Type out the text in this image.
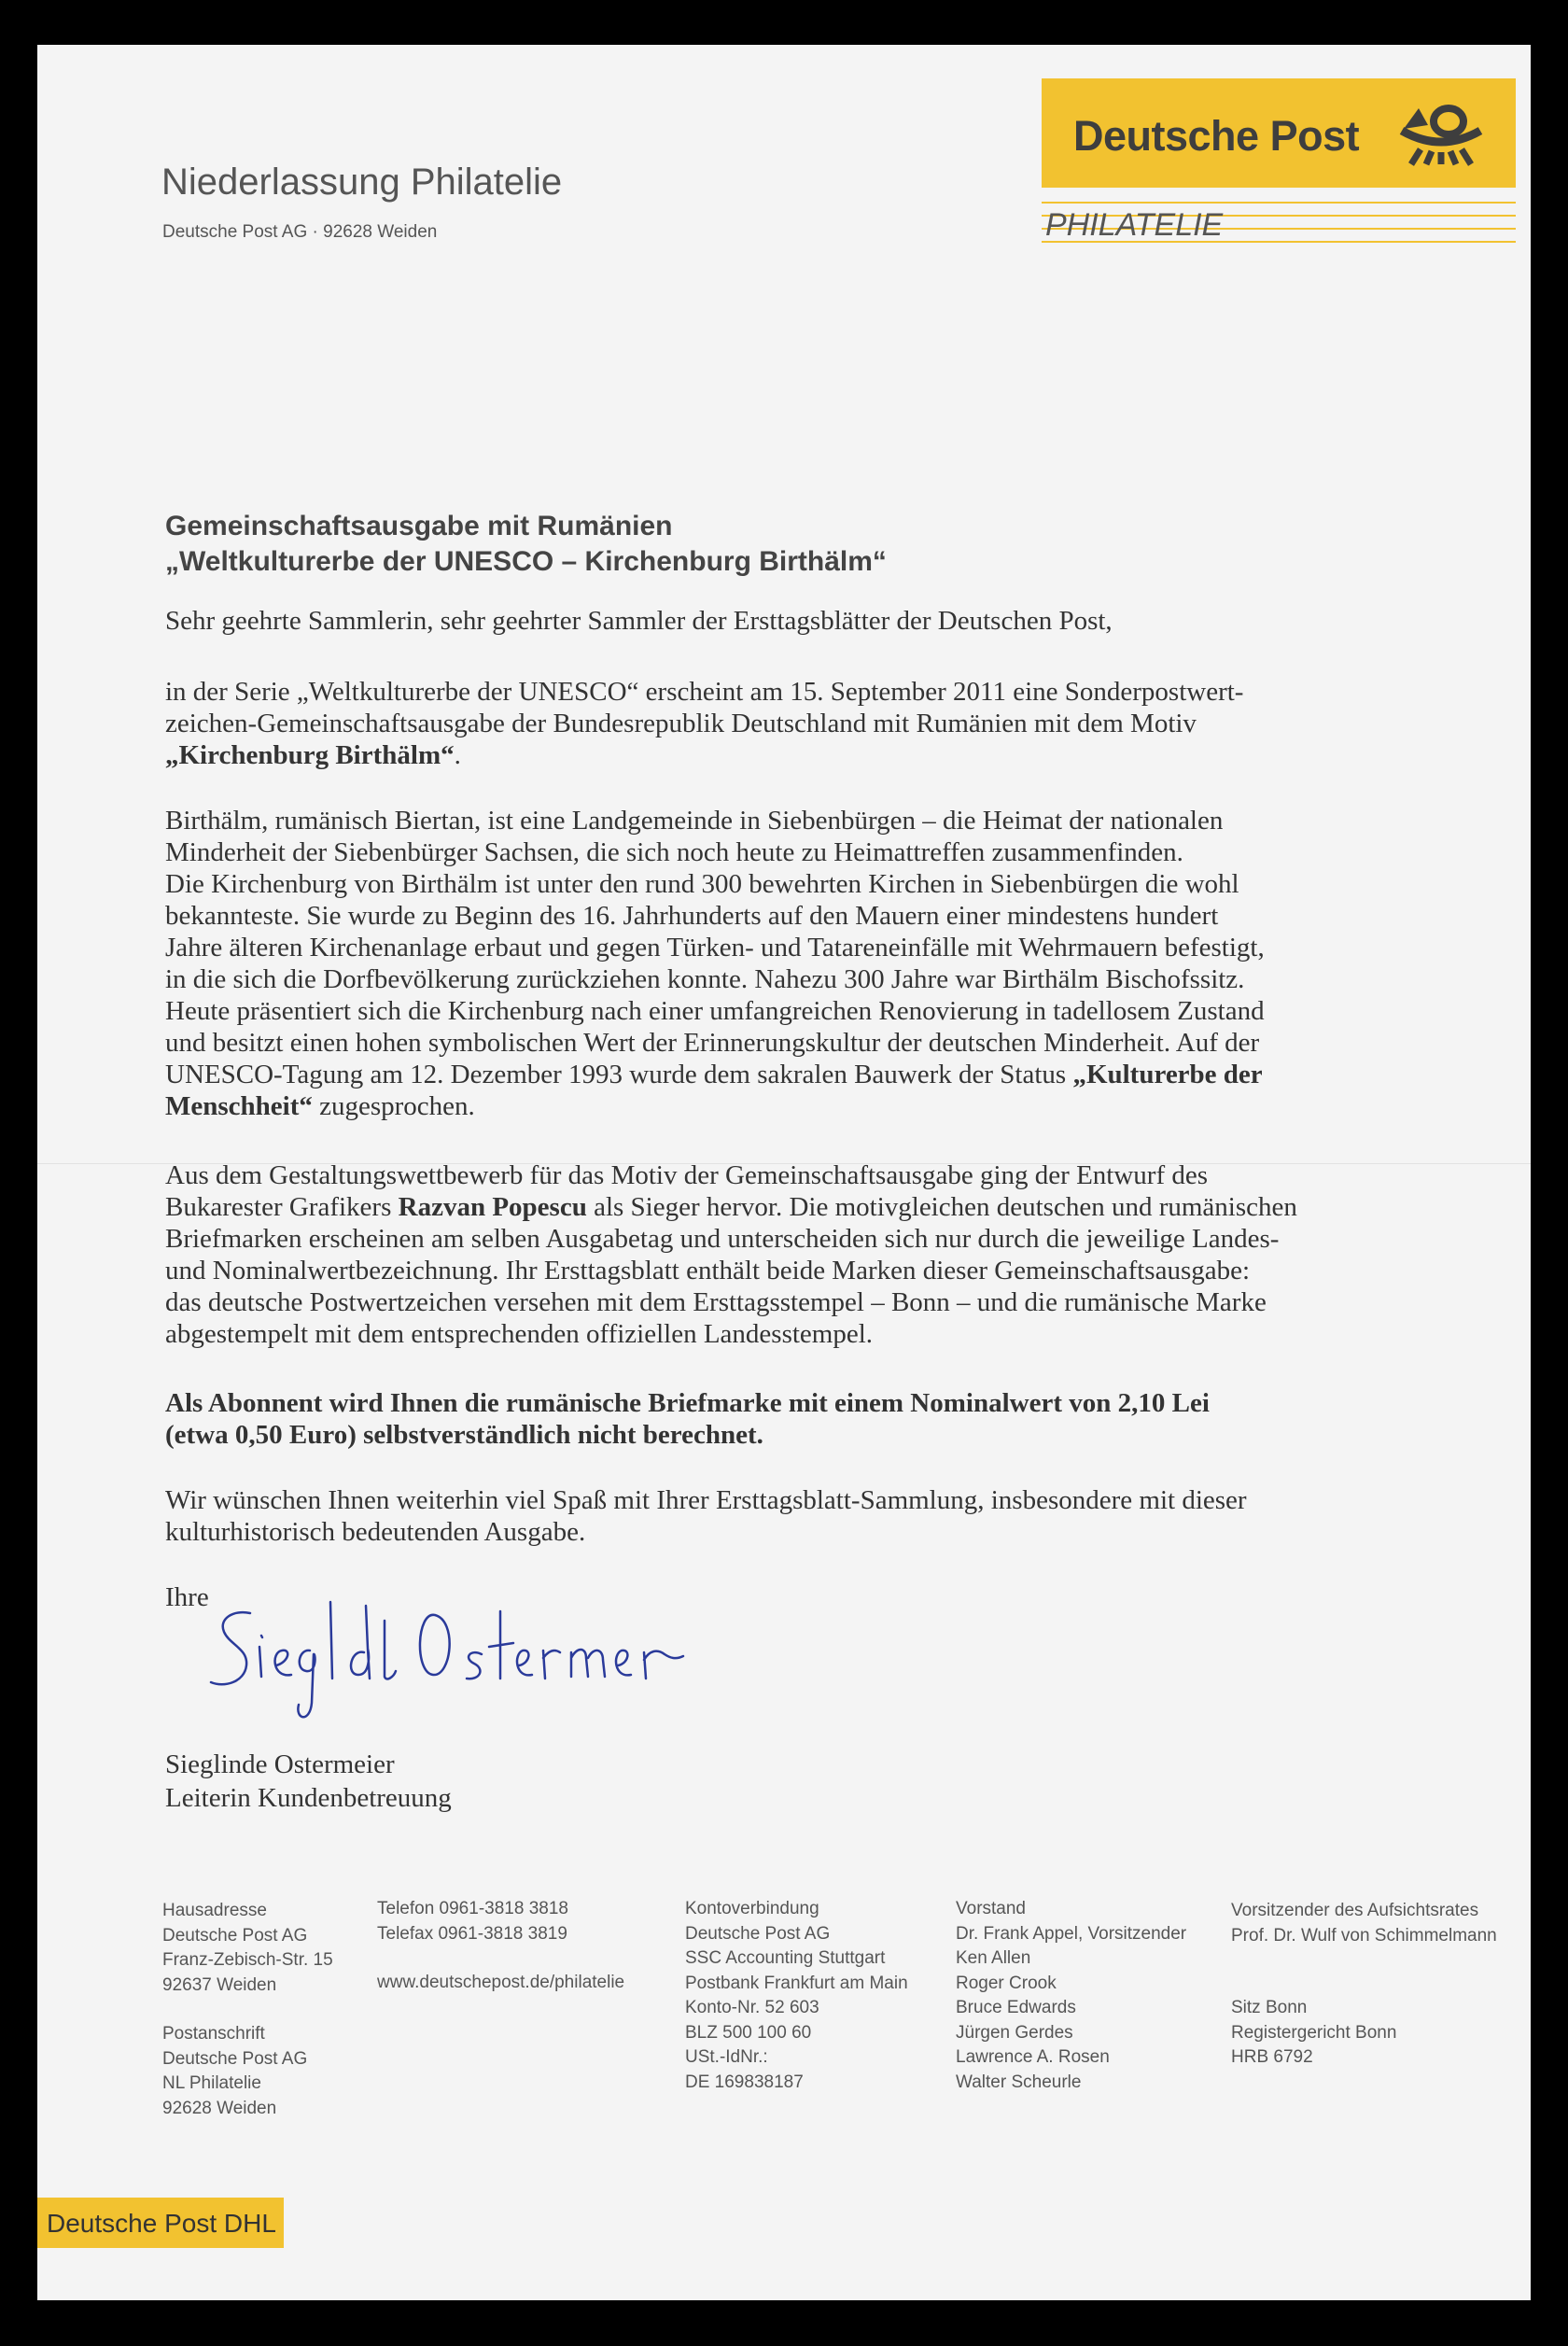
Niederlassung Philatelie
Deutsche Post AG · 92628 Weiden
Deutsche Post
PHILATELIE
Gemeinschaftsausgabe mit Rumänien
„Weltkulturerbe der UNESCO – Kirchenburg Birthälm“
Sehr geehrte Sammlerin, sehr geehrter Sammler der Ersttagsblätter der Deutschen Post,
in der Serie „Weltkulturerbe der UNESCO“ erscheint am 15. September 2011 eine Sonderpostwert-
zeichen-Gemeinschaftsausgabe der Bundesrepublik Deutschland mit Rumänien mit dem Motiv
„Kirchenburg Birthälm“.
Birthälm, rumänisch Biertan, ist eine Landgemeinde in Siebenbürgen – die Heimat der nationalen
Minderheit der Siebenbürger Sachsen, die sich noch heute zu Heimattreffen zusammenfinden.
Die Kirchenburg von Birthälm ist unter den rund 300 bewehrten Kirchen in Siebenbürgen die wohl
bekannteste. Sie wurde zu Beginn des 16. Jahrhunderts auf den Mauern einer mindestens hundert
Jahre älteren Kirchenanlage erbaut und gegen Türken- und Tatareneinfälle mit Wehrmauern befestigt,
in die sich die Dorfbevölkerung zurückziehen konnte. Nahezu 300 Jahre war Birthälm Bischofssitz.
Heute präsentiert sich die Kirchenburg nach einer umfangreichen Renovierung in tadellosem Zustand
und besitzt einen hohen symbolischen Wert der Erinnerungskultur der deutschen Minderheit. Auf der
UNESCO-Tagung am 12. Dezember 1993 wurde dem sakralen Bauwerk der Status „Kulturerbe der
Menschheit“ zugesprochen.
Aus dem Gestaltungswettbewerb für das Motiv der Gemeinschaftsausgabe ging der Entwurf des
Bukarester Grafikers Razvan Popescu als Sieger hervor. Die motivgleichen deutschen und rumänischen
Briefmarken erscheinen am selben Ausgabetag und unterscheiden sich nur durch die jeweilige Landes-
und Nominalwertbezeichnung. Ihr Ersttagsblatt enthält beide Marken dieser Gemeinschaftsausgabe:
das deutsche Postwertzeichen versehen mit dem Ersttagsstempel – Bonn – und die rumänische Marke
abgestempelt mit dem entsprechenden offiziellen Landesstempel.
Als Abonnent wird Ihnen die rumänische Briefmarke mit einem Nominalwert von 2,10 Lei
(etwa 0,50 Euro) selbstverständlich nicht berechnet.
Wir wünschen Ihnen weiterhin viel Spaß mit Ihrer Ersttagsblatt-Sammlung, insbesondere mit dieser
kulturhistorisch bedeutenden Ausgabe.
Ihre
Sieglinde Ostermeier
Leiterin Kundenbetreuung
Hausadresse
Deutsche Post AG
Franz-Zebisch-Str. 15
92637 Weiden
Postanschrift
Deutsche Post AG
NL Philatelie
92628 Weiden
Telefon 0961-3818 3818
Telefax 0961-3818 3819
www.deutschepost.de/philatelie
Kontoverbindung
Deutsche Post AG
SSC Accounting Stuttgart
Postbank Frankfurt am Main
Konto-Nr. 52 603
BLZ 500 100 60
USt.-IdNr.:
DE 169838187
Vorstand
Dr. Frank Appel, Vorsitzender
Ken Allen
Roger Crook
Bruce Edwards
Jürgen Gerdes
Lawrence A. Rosen
Walter Scheurle
Vorsitzender des Aufsichtsrates
Prof. Dr. Wulf von Schimmelmann
Sitz Bonn
Registergericht Bonn
HRB 6792
Deutsche Post DHL
